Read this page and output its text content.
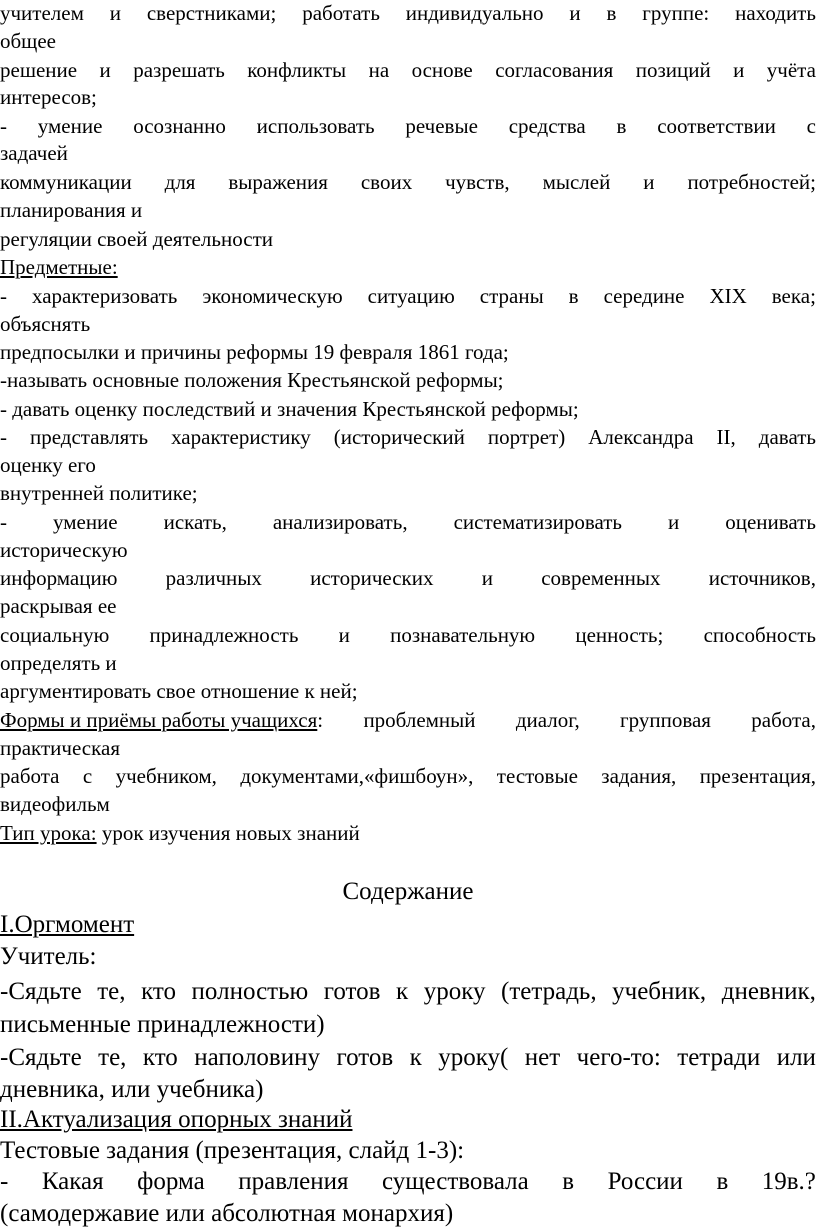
учителем и сверстниками; работать индивидуально и в группе: находить
общее
решение и разрешать конфликты на основе согласования позиций и учёта
интересов;
- умение осознанно использовать речевые средства в соответствии с
задачей
коммуникации для выражения своих чувств, мыслей и потребностей;
планирования и
регуляции своей деятельности
Предметные:
- характеризовать экономическую ситуацию страны в середине XIX века;
объяснять
предпосылки и причины реформы 19 февраля 1861 года;
-называть основные положения Крестьянской реформы;
- давать оценку последствий и значения Крестьянской реформы;
- представлять характеристику (исторический портрет) Александра II, давать
оценку его
внутренней политике;
- умение искать, анализировать, систематизировать и оценивать
историческую
информацию различных исторических и современных источников,
раскрывая ее
социальную принадлежность и познавательную ценность; способность
определять и
аргументировать свое отношение к ней;
Формы и приёмы работы учащихся: проблемный диалог, групповая работа,
практическая
работа с учебником, документами,«фишбоун», тестовые задания, презентация,
видеофильм
Тип урока: урок изучения новых знаний
Содержание
I.Оргмомент
Учитель:
-Сядьте те, кто полностью готов к уроку (тетрадь, учебник, дневник,
письменные принадлежности)
-Сядьте те, кто наполовину готов к уроку( нет чего-то: тетради или
дневника, или учебника)
II.Актуализация опорных знаний
Тестовые задания (презентация, слайд 1-3):
- Какая форма правления существовала в России в 19в.?
(самодержавие или абсолютная монархия)
